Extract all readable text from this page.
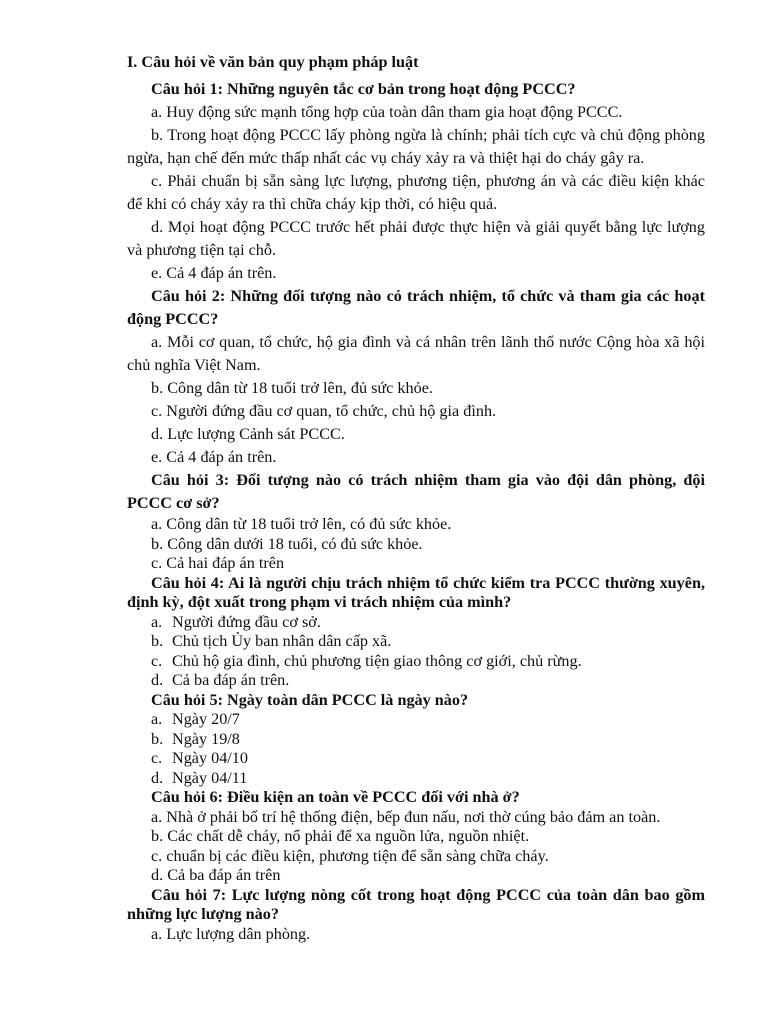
I. Câu hỏi về văn bản quy phạm pháp luật

Câu hỏi 1: Những nguyên tắc cơ bản trong hoạt động PCCC?

a. Huy động sức mạnh tổng hợp của toàn dân tham gia hoạt động PCCC.

b. Trong hoạt động PCCC lấy phòng ngừa là chính; phải tích cực và chủ động phòng ngừa, hạn chế đến mức thấp nhất các vụ cháy xảy ra và thiệt hại do cháy gây ra.

c. Phải chuẩn bị sẵn sàng lực lượng, phương tiện, phương án và các điều kiện khác để khi có cháy xảy ra thì chữa cháy kịp thời, có hiệu quả.

d. Mọi hoạt động PCCC trước hết phải được thực hiện và giải quyết bằng lực lượng và phương tiện tại chỗ.

e. Cả 4 đáp án trên.

Câu hỏi 2: Những đối tượng nào có trách nhiệm, tổ chức và tham gia các hoạt động PCCC?

a. Mỗi cơ quan, tổ chức, hộ gia đình và cá nhân trên lãnh thổ nước Cộng hòa xã hội chủ nghĩa Việt Nam.

b. Công dân từ 18 tuổi trở lên, đủ sức khỏe.

c. Người đứng đầu cơ quan, tổ chức, chủ hộ gia đình.

d. Lực lượng Cảnh sát PCCC.

e. Cả 4 đáp án trên.

Câu hỏi 3: Đối tượng nào có trách nhiệm tham gia vào đội dân phòng, đội PCCC cơ sở?

a. Công dân từ 18 tuổi trở lên, có đủ sức khỏe.

b. Công dân dưới 18 tuổi, có đủ sức khỏe.

c. Cả hai đáp án trên

Câu hỏi 4: Ai là người chịu trách nhiệm tổ chức kiểm tra PCCC thường xuyên, định kỳ, đột xuất trong phạm vi trách nhiệm của mình?

a. Người đứng đầu cơ sở.
b. Chủ tịch Ủy ban nhân dân cấp xã.
c. Chủ hộ gia đình, chủ phương tiện giao thông cơ giới, chủ rừng.
d. Cả ba đáp án trên.

Câu hỏi 5: Ngày toàn dân PCCC là ngày nào?

a. Ngày 20/7
b. Ngày 19/8
c. Ngày 04/10
d. Ngày 04/11

Câu hỏi 6: Điều kiện an toàn về PCCC đối với nhà ở?

a. Nhà ở phải bố trí hệ thống điện, bếp đun nấu, nơi thờ cúng bảo đảm an toàn.

b. Các chất dễ cháy, nổ phải để xa nguồn lửa, nguồn nhiệt.

c. chuẩn bị các điều kiện, phương tiện để sẵn sàng chữa cháy.

d. Cả ba đáp án trên

Câu hỏi 7: Lực lượng nòng cốt trong hoạt động PCCC của toàn dân bao gồm những lực lượng nào?

a. Lực lượng dân phòng.
